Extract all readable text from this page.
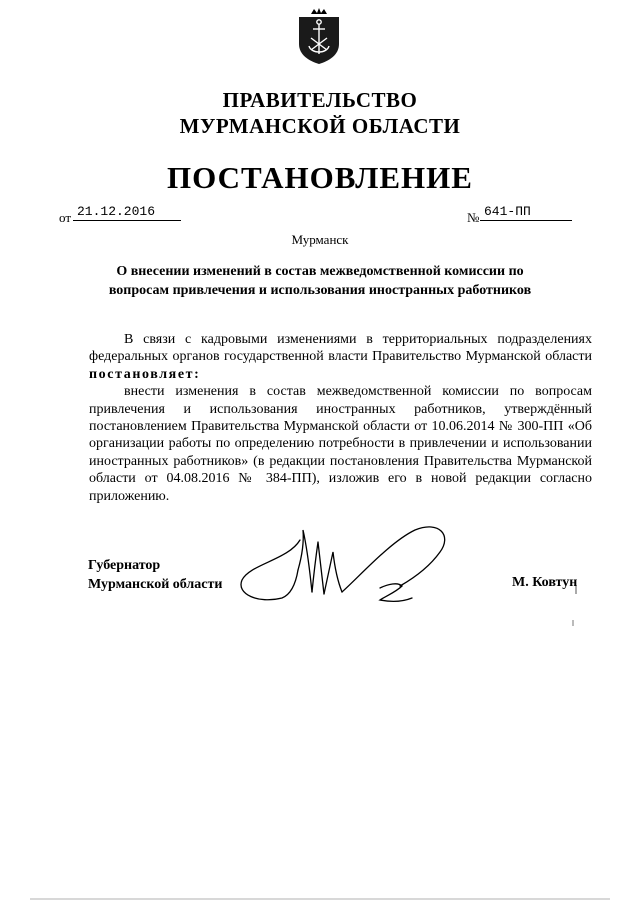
ПРАВИТЕЛЬСТВО
МУРМАНСКОЙ ОБЛАСТИ
ПОСТАНОВЛЕНИЕ
от 21.12.2016	№ 641-ПП
Мурманск
О внесении изменений в состав межведомственной комиссии по
вопросам привлечения и использования иностранных работников

В связи с кадровыми изменениями в территориальных подразделениях федеральных органов государственной власти Правительство Мурманской области постановляет:

внести изменения в состав межведомственной комиссии по вопросам привлечения и использования иностранных работников, утверждённый постановлением Правительства Мурманской области от 10.06.2014 № 300-ПП «Об организации работы по определению потребности в привлечении и использовании иностранных работников» (в редакции постановления Правительства Мурманской области от 04.08.2016 № 384-ПП), изложив его в новой редакции согласно приложению.

Губернатор
Мурманской области	М. Ковтун
